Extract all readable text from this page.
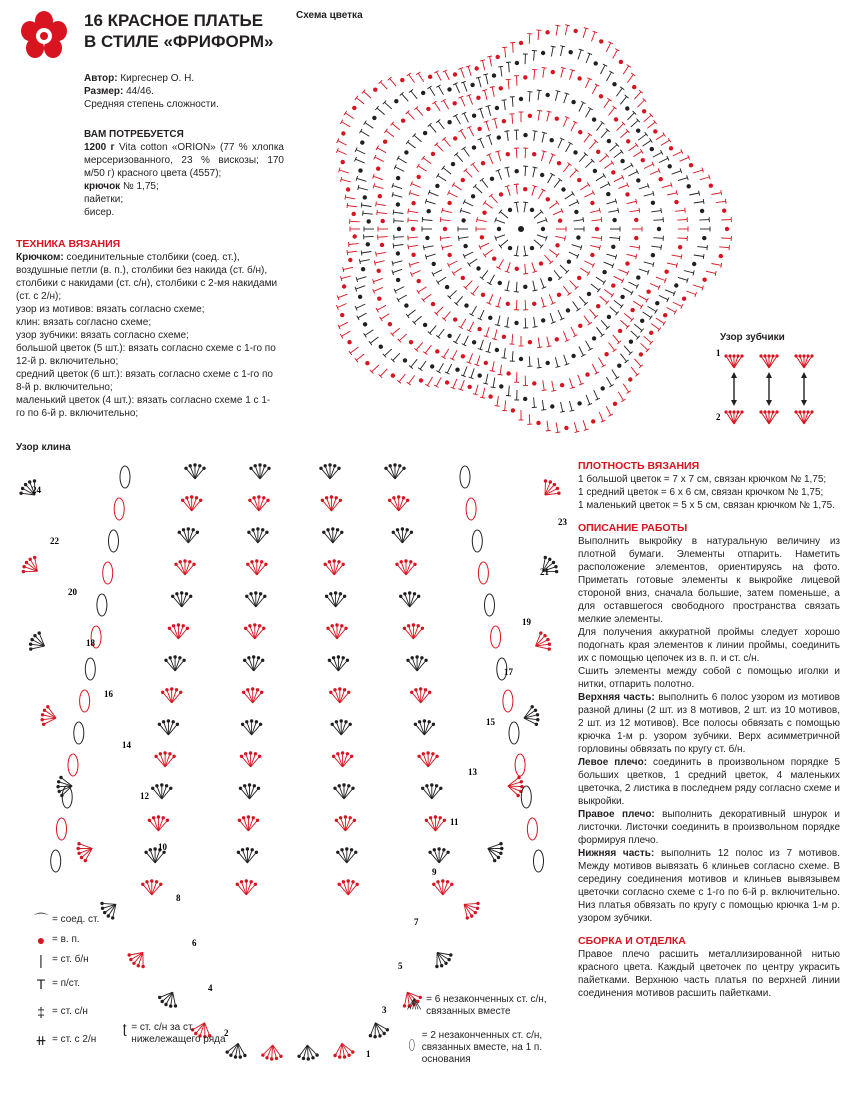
16 КРАСНОЕ ПЛАТЬЕ
В СТИЛЕ «ФРИФОРМ»
Автор: Киргеснер О. Н.
Размер: 44/46.
Средняя степень сложности.
ВАМ ПОТРЕБУЕТСЯ
1200 г Vita cotton «ORION» (77 % хлопка мерсеризованного, 23 % вискозы; 170 м/50 г) красного цвета (4557);
крючок № 1,75;
пайетки;
бисер.
ТЕХНИКА ВЯЗАНИЯ

Крючком: соединительные столбики (соед. ст.), воздушные петли (в. п.), столбики без накида (ст. б/н), столбики с накидами (ст. с/н), столбики с 2-мя накидами (ст. с 2/н);

узор из мотивов: вязать согласно схеме;

клин: вязать согласно схеме;

узор зубчики: вязать согласно схеме;

большой цветок (5 шт.): вязать согласно схеме с 1-го по 12-й р. включительно;

средний цветок (6 шт.): вязать согласно схеме с 1-го по 8-й р. включительно;

маленький цветок (4 шт.): вязать согласно схеме 1 с 1-го по 6-й р. включительно;

Схема цветка
Узор зубчики
1
2
Узор клина
24
22
20
18
16
14
12
10
8
6
4
2
23
21
19
17
15
13
11
9
7
5
3
1
⌒ = соед. ст.
● = в. п.
| = ст. б/н
T = п/ст.
‡ = ст. с/н
⧺ = ст. с 2/н
ʈ = ст. с/н за ст. нижележащего ряда
= 6 незаконченных ст. с/н, связанных вместе
= 2 незаконченных ст. с/н, связанных вместе, на 1 п. основания
ПЛОТНОСТЬ ВЯЗАНИЯ

1 большой цветок = 7 х 7 см, связан крючком № 1,75;

1 средний цветок = 6 х 6 см, связан крючком № 1,75;

1 маленький цветок = 5 х 5 см, связан крючком № 1,75.

ОПИСАНИЕ РАБОТЫ

Выполнить выкройку в натуральную величину из плотной бумаги. Элементы отпарить. Наметить расположение элементов, ориентируясь на фото. Приметать готовые элементы к выкройке лицевой стороной вниз, сначала большие, затем поменьше, а для оставшегося свободного пространства связать мелкие элементы.

Для получения аккуратной проймы следует хорошо подогнать края элементов к линии проймы, соединить их с помощью цепочек из в. п. и ст. с/н.

Сшить элементы между собой с помощью иголки и нитки, отпарить полотно.

Верхняя часть: выполнить 6 полос узором из мотивов разной длины (2 шт. из 8 мотивов, 2 шт. из 10 мотивов, 2 шт. из 12 мотивов). Все полосы обвязать с помощью крючка 1-м р. узором зубчики. Верх асимметричной горловины обвязать по кругу ст. б/н.

Левое плечо: соединить в произвольном порядке 5 больших цветков, 1 средний цветок, 4 маленьких цветочка, 2 листика в последнем ряду согласно схеме и выкройки.

Правое плечо: выполнить декоративный шнурок и листочки. Листочки соединить в произвольном порядке формируя плечо.

Нижняя часть: выполнить 12 полос из 7 мотивов. Между мотивов вывязать 6 клиньев согласно схеме. В середину соединения мотивов и клиньев вывязывем цветочки согласно схеме с 1-го по 6-й р. включительно. Низ платья обвязать по кругу с помощью крючка 1-м р. узором зубчики.

СБОРКА И ОТДЕЛКА

Правое плечо расшить металлизированной нитью красного цвета. Каждый цветочек по центру украсить пайетками. Верхнюю часть платья по верхней линии соединения мотивов расшить пайетками.
